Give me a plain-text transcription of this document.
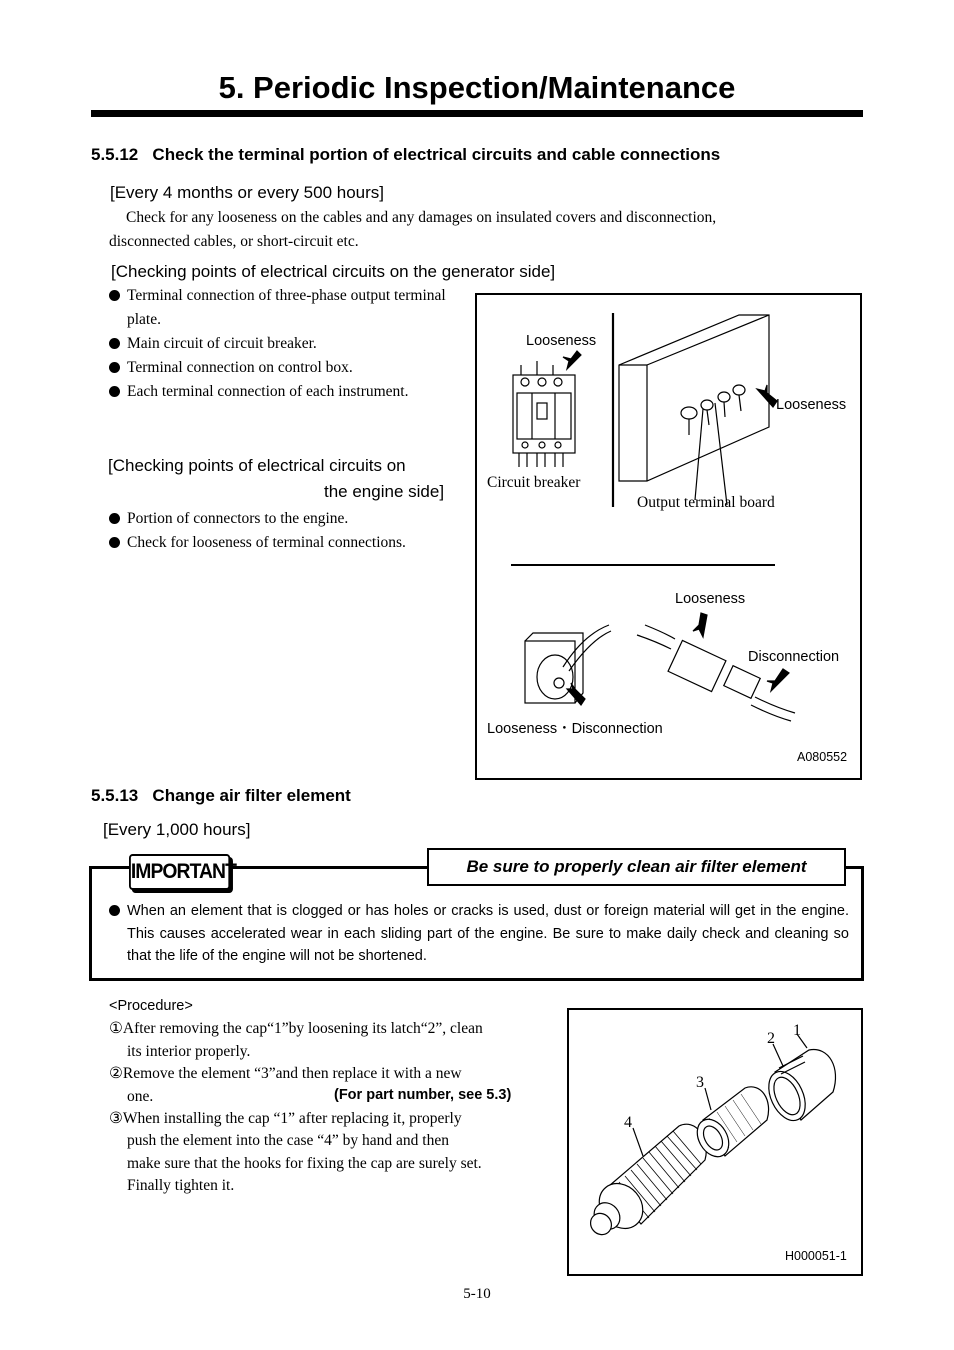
5. Periodic Inspection/Maintenance
5.5.12   Check the terminal portion of electrical circuits and cable connections
[Every 4 months or every 500 hours]
Check for any looseness on the cables and any damages on insulated covers and disconnection,
disconnected cables, or short-circuit etc.
[Checking points of electrical circuits on the generator side]
Terminal connection of three-phase output terminal plate.
Main circuit of circuit breaker.
Terminal connection on control box.
Each terminal connection of each instrument.
[Checking points of electrical circuits on
the engine side]
Portion of connectors to the engine.
Check for looseness of terminal connections.
Looseness
Looseness
Circuit breaker
Output terminal board
Looseness
Disconnection
Looseness・Disconnection
A080552
5.5.13   Change air filter element
[Every 1,000 hours]
IMPORTANT	Be sure to properly clean air filter element

When an element that is clogged or has holes or cracks is used, dust or foreign material will get in the engine. This causes accelerated wear in each sliding part of the engine. Be sure to make daily check and cleaning so that the life of the engine will not be shortened.

<Procedure>
①After removing the cap“1”by loosening its latch“2”, clean
its interior properly.
②Remove the element “3”and then replace it with a new
one.	(For part number, see 5.3)
③When installing the cap “1” after replacing it, properly
push the element into the case “4” by hand and then
make sure that the hooks for fixing the cap are surely set.
Finally tighten it.
1
2
3
4
H000051-1
5-10
